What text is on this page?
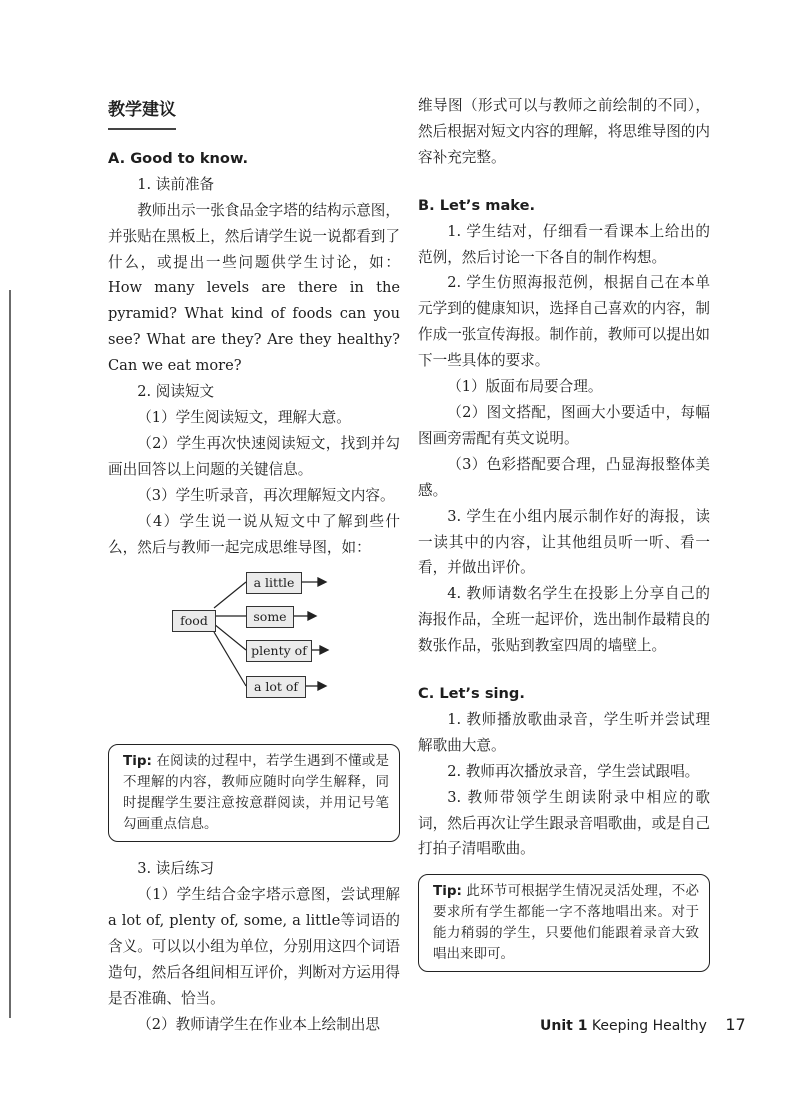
教学建议

A. Good to know.

1. 读前准备

教师出示一张食品金字塔的结构示意图，并张贴在黑板上，然后请学生说一说都看到了什么，或提出一些问题供学生讨论，如：How many levels are there in the pyramid? What kind of foods can you see? What are they? Are they healthy? Can we eat more?

2. 阅读短文

（1）学生阅读短文，理解大意。

（2）学生再次快速阅读短文，找到并勾画出回答以上问题的关键信息。

（3）学生听录音，再次理解短文内容。

（4）学生说一说从短文中了解到些什么，然后与教师一起完成思维导图，如：

food
a little
some
plenty of
a lot of
Tip: 在阅读的过程中，若学生遇到不懂或是不理解的内容，教师应随时向学生解释，同时提醒学生要注意按意群阅读，并用记号笔勾画重点信息。

3. 读后练习

（1）学生结合金字塔示意图，尝试理解a lot of, plenty of, some, a little等词语的含义。可以以小组为单位，分别用这四个词语造句，然后各组间相互评价，判断对方运用得是否准确、恰当。

（2）教师请学生在作业本上绘制出思

维导图（形式可以与教师之前绘制的不同），然后根据对短文内容的理解，将思维导图的内容补充完整。

B. Let’s make.

1. 学生结对，仔细看一看课本上给出的范例，然后讨论一下各自的制作构想。

2. 学生仿照海报范例，根据自己在本单元学到的健康知识，选择自己喜欢的内容，制作成一张宣传海报。制作前，教师可以提出如下一些具体的要求。

（1）版面布局要合理。

（2）图文搭配，图画大小要适中，每幅图画旁需配有英文说明。

（3）色彩搭配要合理，凸显海报整体美感。

3. 学生在小组内展示制作好的海报，读一读其中的内容，让其他组员听一听、看一看，并做出评价。

4. 教师请数名学生在投影上分享自己的海报作品，全班一起评价，选出制作最精良的数张作品，张贴到教室四周的墙壁上。

C. Let’s sing.

1. 教师播放歌曲录音，学生听并尝试理解歌曲大意。

2. 教师再次播放录音，学生尝试跟唱。

3. 教师带领学生朗读附录中相应的歌词，然后再次让学生跟录音唱歌曲，或是自己打拍子清唱歌曲。

Tip: 此环节可根据学生情况灵活处理，不必要求所有学生都能一字不落地唱出来。对于能力稍弱的学生，只要他们能跟着录音大致唱出来即可。
Unit 1 Keeping Healthy 17
